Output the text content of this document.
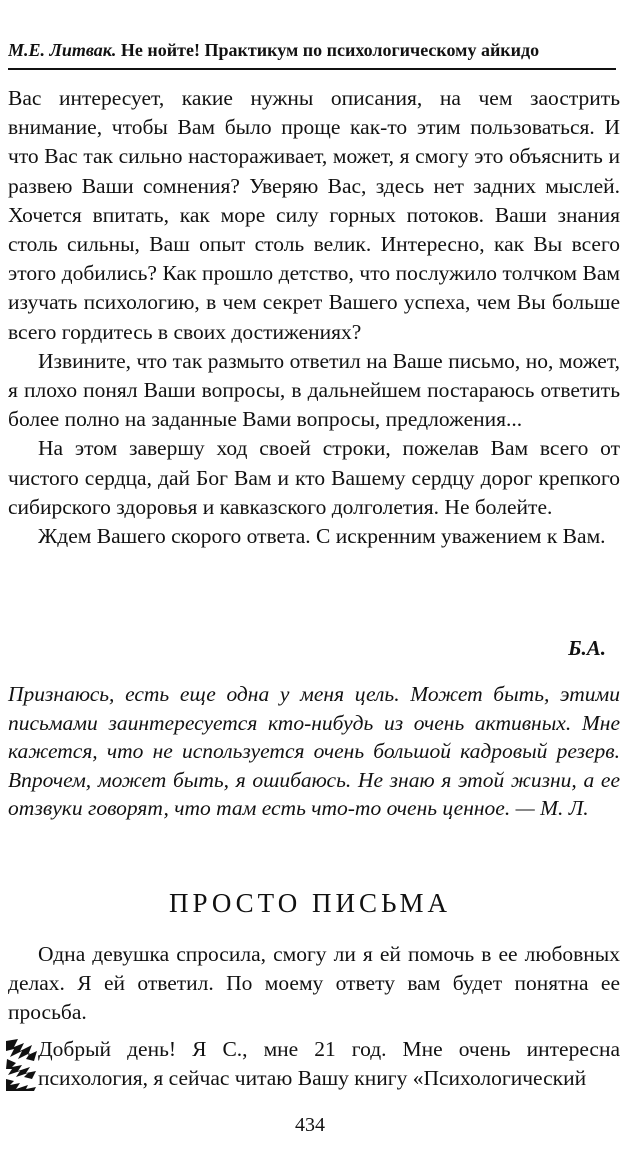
М.Е. Литвак. Не нойте! Практикум по психологическому айкидо

Вас интересует, какие нужны описания, на чем заострить внимание, чтобы Вам было проще как-то этим пользоваться. И что Вас так сильно настораживает, может, я смогу это объяснить и развею Ваши сомнения? Уверяю Вас, здесь нет задних мыслей. Хочется впитать, как море силу горных потоков. Ваши знания столь сильны, Ваш опыт столь велик. Интересно, как Вы всего этого добились? Как прошло детство, что послужило толчком Вам изучать психологию, в чем секрет Вашего успеха, чем Вы больше всего гордитесь в своих достижениях?

Извините, что так размыто ответил на Ваше письмо, но, может, я плохо понял Ваши вопросы, в дальнейшем постараюсь ответить более полно на заданные Вами вопросы, предложения...

На этом завершу ход своей строки, пожелав Вам всего от чистого сердца, дай Бог Вам и кто Вашему сердцу дорог крепкого сибирского здоровья и кавказского долголетия. Не болейте.

Ждем Вашего скорого ответа. С искренним уважением к Вам.

Б.А.

Признаюсь, есть еще одна у меня цель. Может быть, этими письмами заинтересуется кто-нибудь из очень активных. Мне кажется, что не используется очень большой кадровый резерв. Впрочем, может быть, я ошибаюсь. Не знаю я этой жизни, а ее отзвуки говорят, что там есть что-то очень ценное. — М. Л.

ПРОСТО ПИСЬМА

Одна девушка спросила, смогу ли я ей помочь в ее любовных делах. Я ей ответил. По моему ответу вам будет понятна ее просьба.

Добрый день! Я С., мне 21 год. Мне очень интересна психология, я сейчас читаю Вашу книгу «Психологический
434
